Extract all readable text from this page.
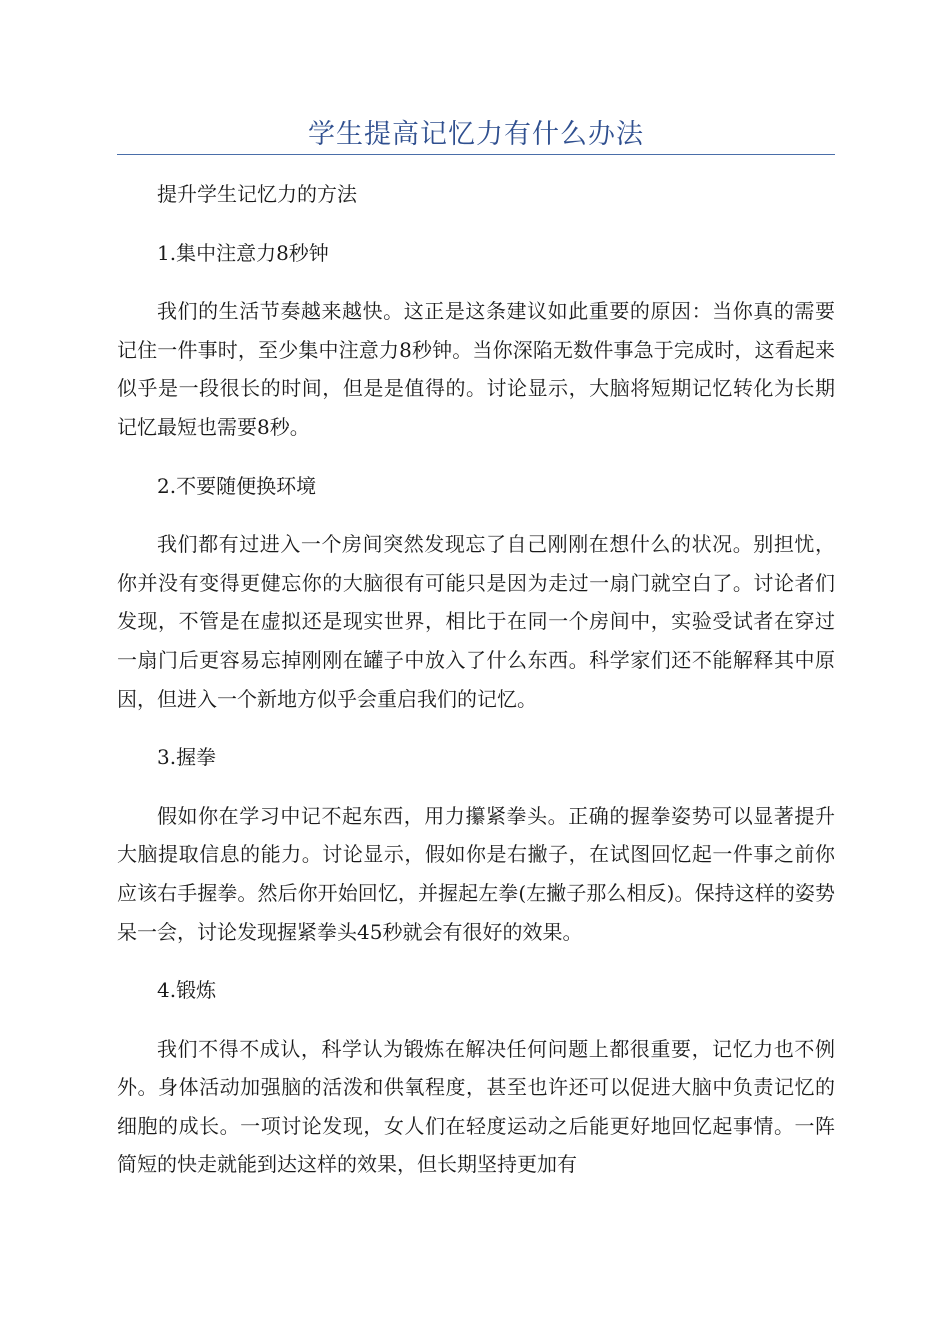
学生提高记忆力有什么办法

提升学生记忆力的方法

1.集中注意力8秒钟

我们的生活节奏越来越快。这正是这条建议如此重要的原因：当你真的需要记住一件事时，至少集中注意力8秒钟。当你深陷无数件事急于完成时，这看起来似乎是一段很长的时间，但是是值得的。讨论显示，大脑将短期记忆转化为长期记忆最短也需要8秒。

2.不要随便换环境

我们都有过进入一个房间突然发现忘了自己刚刚在想什么的状况。别担忧，你并没有变得更健忘你的大脑很有可能只是因为走过一扇门就空白了。讨论者们发现，不管是在虚拟还是现实世界，相比于在同一个房间中，实验受试者在穿过一扇门后更容易忘掉刚刚在罐子中放入了什么东西。科学家们还不能解释其中原因，但进入一个新地方似乎会重启我们的记忆。

3.握拳

假如你在学习中记不起东西，用力攥紧拳头。正确的握拳姿势可以显著提升大脑提取信息的能力。讨论显示，假如你是右撇子，在试图回忆起一件事之前你应该右手握拳。然后你开始回忆，并握起左拳(左撇子那么相反)。保持这样的姿势呆一会，讨论发现握紧拳头45秒就会有很好的效果。

4.锻炼

我们不得不成认，科学认为锻炼在解决任何问题上都很重要，记忆力也不例外。身体活动加强脑的活泼和供氧程度，甚至也许还可以促进大脑中负责记忆的细胞的成长。一项讨论发现，女人们在轻度运动之后能更好地回忆起事情。一阵简短的快走就能到达这样的效果，但长期坚持更加有
